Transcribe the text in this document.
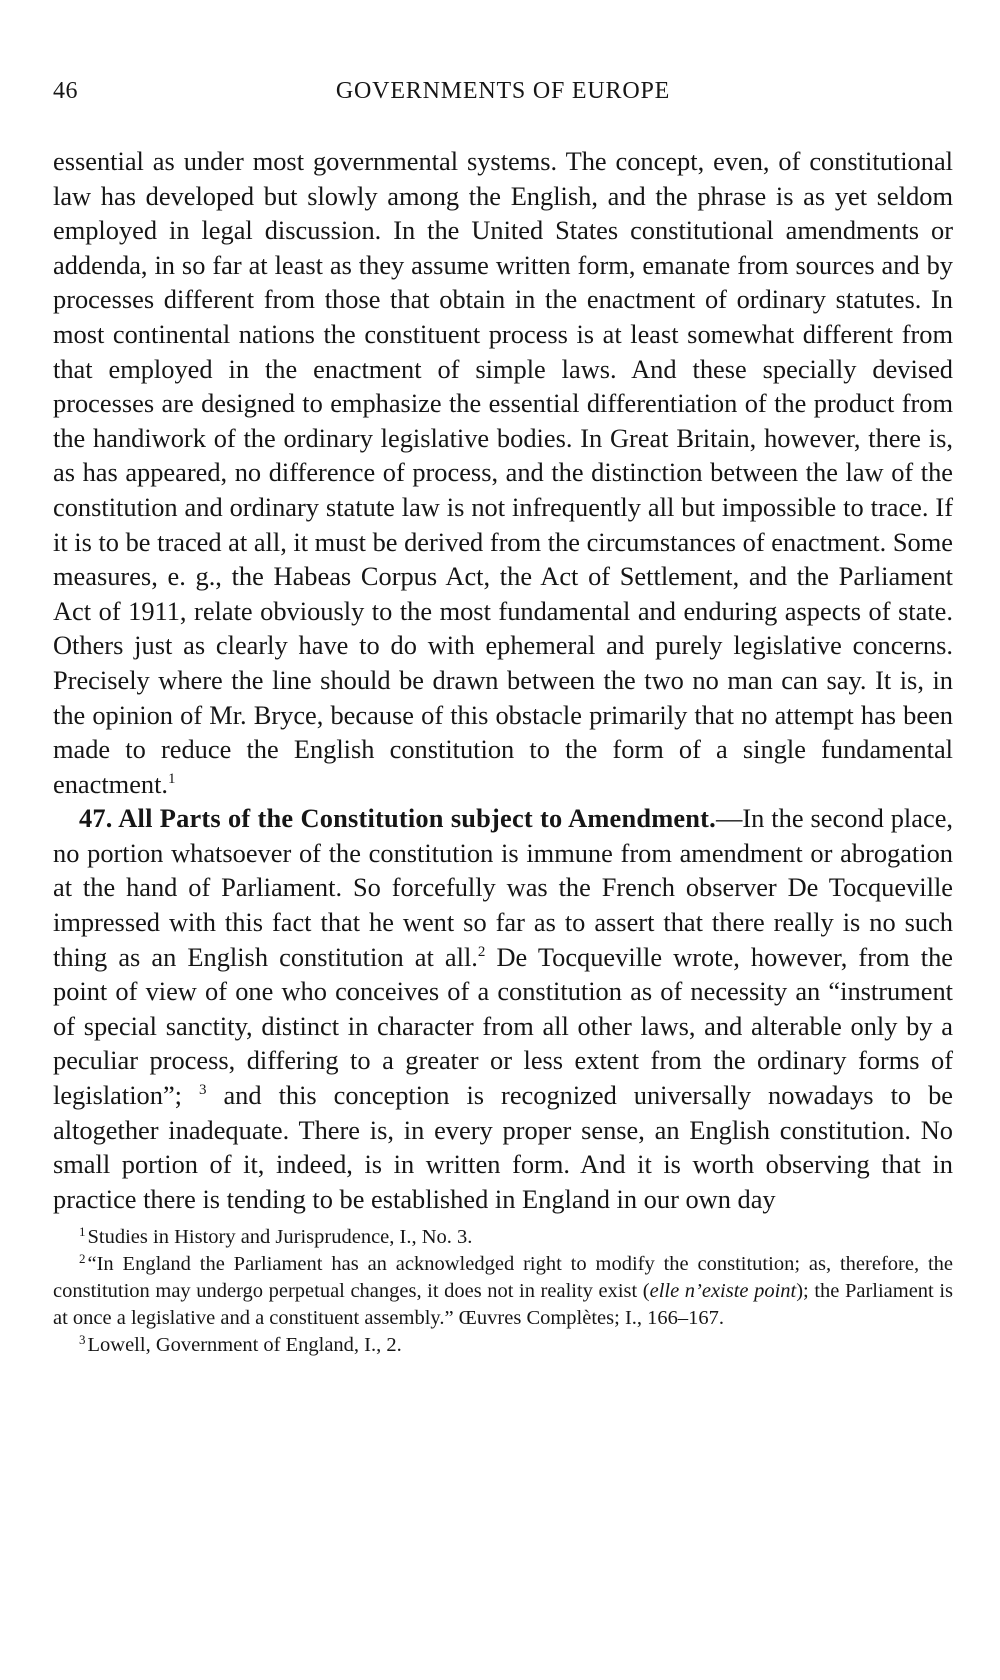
46	GOVERNMENTS OF EUROPE

essential as under most governmental systems. The concept, even, of constitutional law has developed but slowly among the English, and the phrase is as yet seldom employed in legal discussion. In the United States constitutional amendments or addenda, in so far at least as they assume written form, emanate from sources and by processes different from those that obtain in the enactment of ordinary statutes. In most continental nations the constituent process is at least somewhat different from that employed in the enactment of simple laws. And these specially devised processes are designed to emphasize the essential differentiation of the product from the handiwork of the ordinary legislative bodies. In Great Britain, however, there is, as has appeared, no difference of process, and the distinction between the law of the constitution and ordinary statute law is not infrequently all but impossible to trace. If it is to be traced at all, it must be derived from the circumstances of enactment. Some measures, e. g., the Habeas Corpus Act, the Act of Settlement, and the Parliament Act of 1911, relate obviously to the most fundamental and enduring aspects of state. Others just as clearly have to do with ephemeral and purely legislative concerns. Precisely where the line should be drawn between the two no man can say. It is, in the opinion of Mr. Bryce, because of this obstacle primarily that no attempt has been made to reduce the English constitution to the form of a single fundamental enactment.$^1$

47. All Parts of the Constitution subject to Amendment.—In the second place, no portion whatsoever of the constitution is immune from amendment or abrogation at the hand of Parliament. So forcefully was the French observer De Tocqueville impressed with this fact that he went so far as to assert that there really is no such thing as an English constitution at all.$^2$ De Tocqueville wrote, however, from the point of view of one who conceives of a constitution as of necessity an “instrument of special sanctity, distinct in character from all other laws, and alterable only by a peculiar process, differing to a greater or less extent from the ordinary forms of legislation”; $^3$ and this conception is recognized universally nowadays to be altogether inadequate. There is, in every proper sense, an English constitution. No small portion of it, indeed, is in written form. And it is worth observing that in practice there is tending to be established in England in our own day

$^1$Studies in History and Jurisprudence, I., No. 3.

$^2$“In England the Parliament has an acknowledged right to modify the constitution; as, therefore, the constitution may undergo perpetual changes, it does not in reality exist (elle n’existe point); the Parliament is at once a legislative and a constituent assembly.” Œuvres Complètes; I., 166–167.

$^3$Lowell, Government of England, I., 2.
